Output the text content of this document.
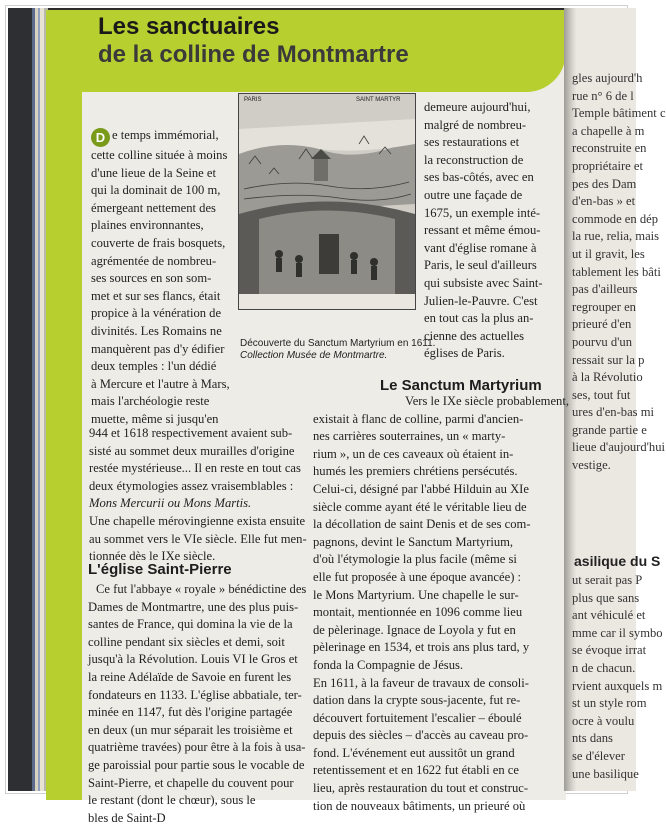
Les sanctuaires
de la colline de Montmartre
D e temps immémorial,
cette colline située à moins
d'une lieue de la Seine et
qui la dominait de 100 m,
émergeant nettement des
plaines environnantes,
couverte de frais bosquets,
agrémentée de nombreu-
ses sources en son som-
met et sur ses flancs, était
propice à la vénération de
divinités. Les Romains ne
manquèrent pas d'y édifier
deux temples : l'un dédié
à Mercure et l'autre à Mars,
mais l'archéologie reste
muette, même si jusqu'en
944 et 1618 respectivement avaient sub-
sisté au sommet deux murailles d'origine
restée mystérieuse... Il en reste en tout cas
deux étymologies assez vraisemblables :
Mons Mercurii ou Mons Martis.
Une chapelle mérovingienne exista ensuite
au sommet vers le VIe siècle. Elle fut men-
tionnée dès le IXe siècle.
PARIS	SAINT MARTYR
Découverte du Sanctum Martyrium en 1611.
Collection Musée de Montmartre.
demeure aujourd'hui,
malgré de nombreu-
ses restaurations et
la reconstruction de
ses bas-côtés, avec en
outre une façade de
1675, un exemple inté-
ressant et même émou-
vant d'église romane à
Paris, le seul d'ailleurs
qui subsiste avec Saint-
Julien-le-Pauvre. C'est
en tout cas la plus an-
cienne des actuelles
églises de Paris.
Le Sanctum Martyrium
Vers le IXe siècle probablement,
existait à flanc de colline, parmi d'ancien-
nes carrières souterraines, un « marty-
rium », un de ces caveaux où étaient in-
humés les premiers chrétiens persécutés.
Celui-ci, désigné par l'abbé Hilduin au XIe
siècle comme ayant été le véritable lieu de
la décollation de saint Denis et de ses com-
pagnons, devint le Sanctum Martyrium,
d'où l'étymologie la plus facile (même si
elle fut proposée à une époque avancée) :
le Mons Martyrium. Une chapelle le sur-
montait, mentionnée en 1096 comme lieu
de pèlerinage. Ignace de Loyola y fut en
pèlerinage en 1534, et trois ans plus tard, y
fonda la Compagnie de Jésus.
En 1611, à la faveur de travaux de consoli-
dation dans la crypte sous-jacente, fut re-
découvert fortuitement l'escalier – éboulé
depuis des siècles – d'accès au caveau pro-
fond. L'événement eut aussitôt un grand
retentissement et en 1622 fut établi en ce
lieu, après restauration du tout et construc-
tion de nouveaux bâtiments, un prieuré où
L'église Saint-Pierre
Ce fut l'abbaye « royale » bénédictine des
Dames de Montmartre, une des plus puis-
santes de France, qui domina la vie de la
colline pendant six siècles et demi, soit
jusqu'à la Révolution. Louis VI le Gros et
la reine Adélaïde de Savoie en furent les
fondateurs en 1133. L'église abbatiale, ter-
minée en 1147, fut dès l'origine partagée
en deux (un mur séparait les troisième et
quatrième travées) pour être à la fois à usa-
ge paroissial pour partie sous le vocable de
Saint-Pierre, et chapelle du couvent pour
le restant (dont le chœur), sous le
bles de Saint-D
gles aujourd'h
rue n° 6 de l
Temple bâtiment c
a chapelle à m
reconstruite en
propriétaire et
pes des Dam
d'en-bas » et
commode en dép
la rue, relia, mais
ut il gravit, les
tablement les bâti
pas d'ailleurs
regrouper en
prieuré d'en
pourvu d'un
ressait sur la p
à la Révolutio
ses, tout fut
ures d'en-bas mi
grande partie e
lieue d'aujourd'hui
vestige.
asilique du S
ut serait pas P
plus que sans
ant véhiculé et
mme car il symbo
se évoque irrat
n de chacun.
rvient auxquels m
st un style rom
ocre à voulu
nts dans
se d'élever
une basilique
